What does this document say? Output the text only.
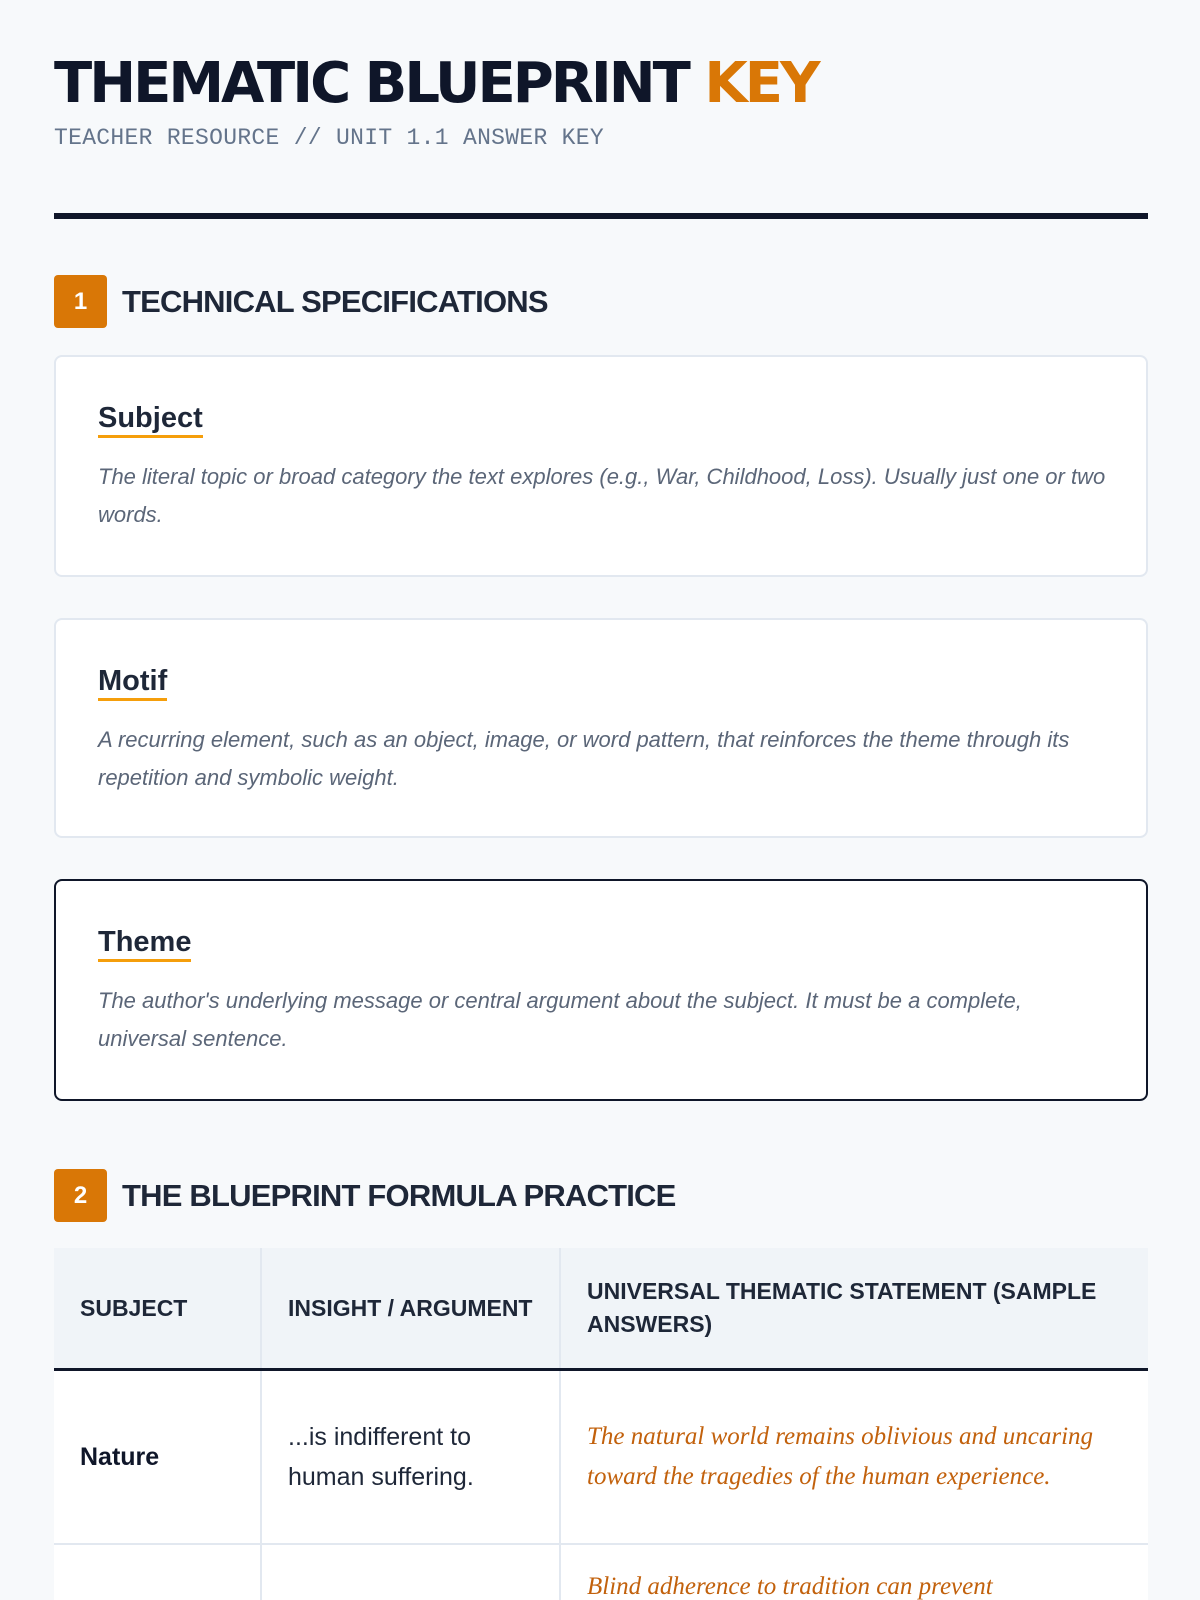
THEMATIC BLUEPRINT KEY
TEACHER RESOURCE // UNIT 1.1 ANSWER KEY
1	TECHNICAL SPECIFICATIONS
Subject
The literal topic or broad category the text explores (e.g., War, Childhood, Loss). Usually just one or two words.
Motif
A recurring element, such as an object, image, or word pattern, that reinforces the theme through its repetition and symbolic weight.
Theme
The author's underlying message or central argument about the subject. It must be a complete, universal sentence.
2	THE BLUEPRINT FORMULA PRACTICE
SUBJECT	INSIGHT / ARGUMENT	UNIVERSAL THEMATIC STATEMENT (SAMPLE ANSWERS)
Nature	...is indifferent to human suffering.	The natural world remains oblivious and uncaring toward the tragedies of the human experience.
		Blind adherence to tradition can prevent
